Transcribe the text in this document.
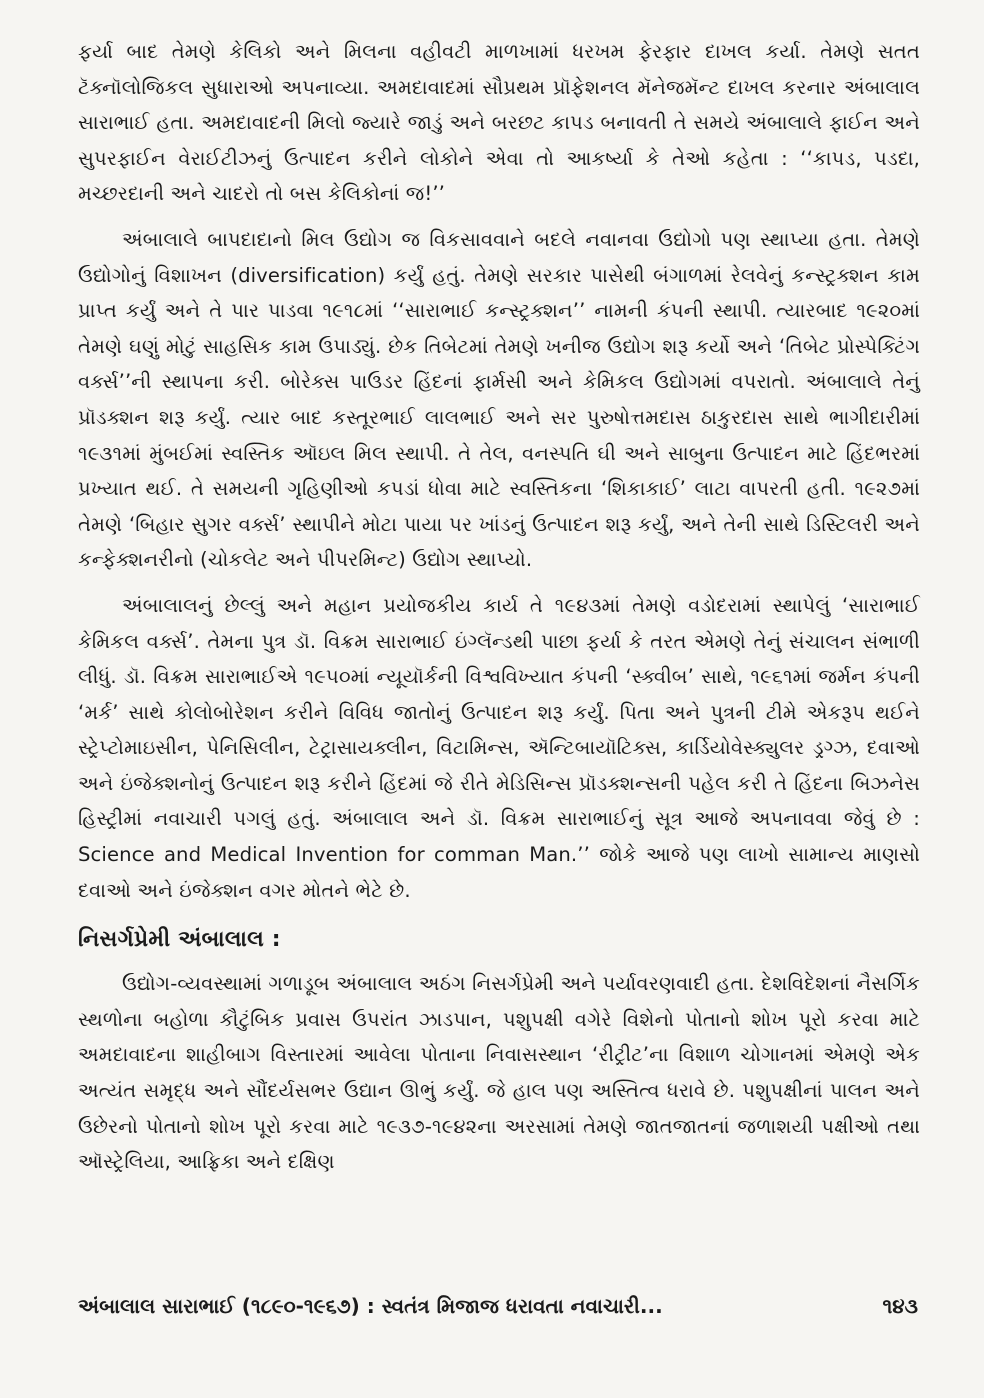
ફર્યા બાદ તેમણે કેલિકો અને મિલના વહીવટી માળખામાં ધરખમ ફેરફાર દાખલ કર્યા. તેમણે સતત ટૅક્નૉલોજિકલ સુધારાઓ અપનાવ્યા. અમદાવાદમાં સૌપ્રથમ પ્રૉફેશનલ મૅનેજમૅન્ટ દાખલ કરનાર અંબાલાલ સારાભાઈ હતા. અમદાવાદની મિલો જ્યારે જાડું અને બરછટ કાપડ બનાવતી તે સમયે અંબાલાલે ફાઈન અને સુપરફાઈન વેરાઈટીઝનું ઉત્પાદન કરીને લોકોને એવા તો આકર્ષ્યા કે તેઓ કહેતા : ‘‘કાપડ, પડદા, મચ્છરદાની અને ચાદરો તો બસ કેલિકોનાં જ!’’

અંબાલાલે બાપદાદાનો મિલ ઉદ્યોગ જ વિકસાવવાને બદલે નવાનવા ઉદ્યોગો પણ સ્થાપ્યા હતા. તેમણે ઉદ્યોગોનું વિશાખન (diversification) કર્યું હતું. તેમણે સરકાર પાસેથી બંગાળમાં રેલવેનું કન્સ્ટ્રક્શન કામ પ્રાપ્ત કર્યું અને તે પાર પાડવા ૧૯૧૮માં ‘‘સારાભાઈ કન્સ્ટ્રક્શન’’ નામની કંપની સ્થાપી. ત્યારબાદ ૧૯૨૦માં તેમણે ઘણું મોટું સાહસિક કામ ઉપાડ્યું. છેક તિબેટમાં તેમણે ખનીજ ઉદ્યોગ શરૂ કર્યો અને ‘તિબેટ પ્રોસ્પેક્ટિંગ વર્ક્સ’’ની સ્થાપના કરી. બોરેક્સ પાઉડર હિંદનાં ફાર્મસી અને કેમિકલ ઉદ્યોગમાં વપરાતો. અંબાલાલે તેનું પ્રૉડક્શન શરૂ કર્યું. ત્યાર બાદ કસ્તૂરભાઈ લાલભાઈ અને સર પુરુષોત્તમદાસ ઠાકુરદાસ સાથે ભાગીદારીમાં ૧૯૩૧માં મુંબઈમાં સ્વસ્તિક ઑઇલ મિલ સ્થાપી. તે તેલ, વનસ્પતિ ઘી અને સાબુના ઉત્પાદન માટે હિંદભરમાં પ્રખ્યાત થઈ. તે સમયની ગૃહિણીઓ કપડાં ધોવા માટે સ્વસ્તિકના ‘શિકાકાઈ’ લાટા વાપરતી હતી. ૧૯૨૭માં તેમણે ‘બિહાર સુગર વર્ક્સ’ સ્થાપીને મોટા પાયા પર ખાંડનું ઉત્પાદન શરૂ કર્યું, અને તેની સાથે ડિસ્ટિલરી અને કન્ફેક્શનરીનો (ચોકલેટ અને પીપરમિન્ટ) ઉદ્યોગ સ્થાપ્યો.

અંબાલાલનું છેલ્લું અને મહાન પ્રયોજકીય કાર્ય તે ૧૯૪૩માં તેમણે વડોદરામાં સ્થાપેલું ‘સારાભાઈ કેમિકલ વર્ક્સ’. તેમના પુત્ર ડૉ. વિક્રમ સારાભાઈ ઇંગ્લૅન્ડથી પાછા ફર્યા કે તરત એમણે તેનું સંચાલન સંભાળી લીધું. ડૉ. વિક્રમ સારાભાઈએ ૧૯૫૦માં ન્યૂયૉર્કની વિશ્વવિખ્યાત કંપની ‘સ્ક્વીબ’ સાથે, ૧૯૬૧માં જર્મન કંપની ‘મર્ક’ સાથે કોલોબોરેશન કરીને વિવિધ જાતોનું ઉત્પાદન શરૂ કર્યું. પિતા અને પુત્રની ટીમે એકરૂપ થઈને સ્ટ્રેપ્ટોમાઇસીન, પેનિસિલીન, ટેટ્રાસાયક્લીન, વિટામિન્સ, ઍન્ટિબાયૉટિક્સ, કાર્ડિયોવેસ્ક્યુલર ડ્રગ્ઝ, દવાઓ અને ઇંજેક્શનોનું ઉત્પાદન શરૂ કરીને હિંદમાં જે રીતે મેડિસિન્સ પ્રૉડક્શન્સની પહેલ કરી તે હિંદના બિઝનેસ હિસ્ટ્રીમાં નવાચારી પગલું હતું. અંબાલાલ અને ડૉ. વિક્રમ સારાભાઈનું સૂત્ર આજે અપનાવવા જેવું છે : Science and Medical Invention for comman Man.’’ જોકે આજે પણ લાખો સામાન્ય માણસો દવાઓ અને ઇંજેક્શન વગર મોતને ભેટે છે.

નિસર્ગપ્રેમી અંબાલાલ :

ઉદ્યોગ-વ્યવસ્થામાં ગળાડૂબ અંબાલાલ અઠંગ નિસર્ગપ્રેમી અને પર્યાવરણવાદી હતા. દેશવિદેશનાં નૈસર્ગિક સ્થળોના બહોળા કૌટુંબિક પ્રવાસ ઉપરાંત ઝાડપાન, પશુપક્ષી વગેરે વિશેનો પોતાનો શોખ પૂરો કરવા માટે અમદાવાદના શાહીબાગ વિસ્તારમાં આવેલા પોતાના નિવાસસ્થાન ‘રીટ્રીટ’ના વિશાળ ચોગાનમાં એમણે એક અત્યંત સમૃદ્ધ અને સૌંદર્યસભર ઉદ્યાન ઊભું કર્યું. જે હાલ પણ અસ્તિત્વ ધરાવે છે. પશુપક્ષીનાં પાલન અને ઉછેરનો પોતાનો શોખ પૂરો કરવા માટે ૧૯૩૭-૧૯૪૨ના અરસામાં તેમણે જાતજાતનાં જળાશયી પક્ષીઓ તથા ઑસ્ટ્રેલિયા, આફ્રિકા અને દક્ષિણ

અંબાલાલ સારાભાઈ (૧૮૯૦-૧૯૬૭) : સ્વતંત્ર મિજાજ ધરાવતા નવાચારી...	૧૪૩
